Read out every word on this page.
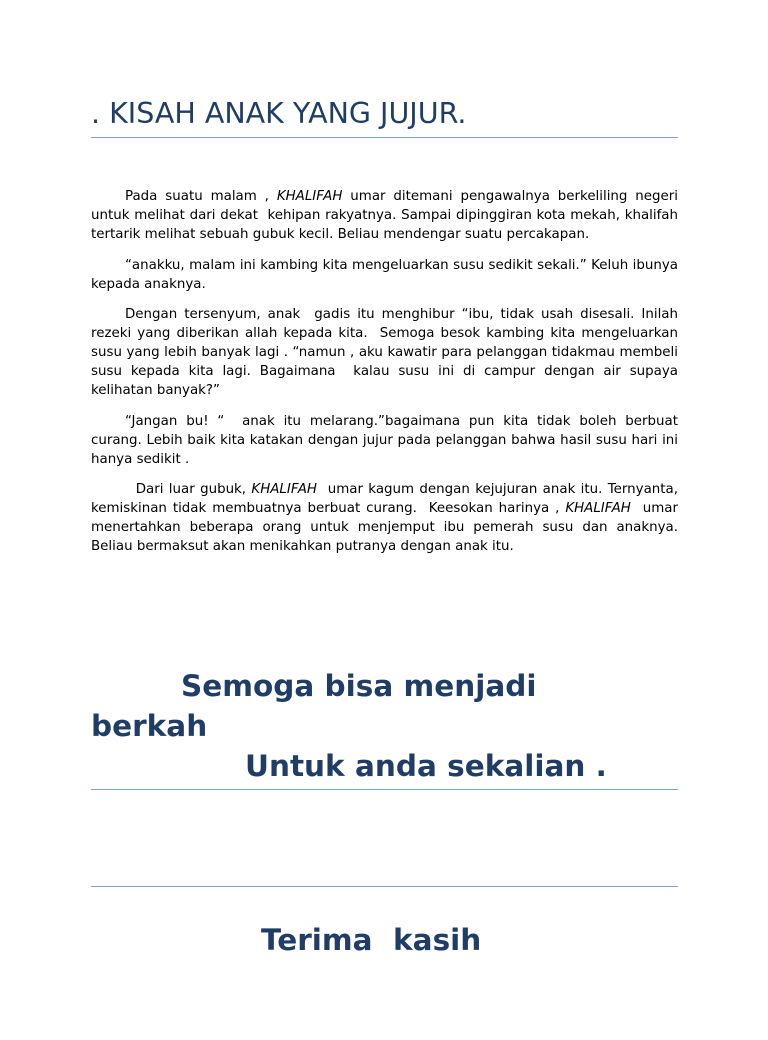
. KISAH ANAK YANG JUJUR.

Pada suatu malam , KHALIFAH umar ditemani pengawalnya berkeliling negeri untuk melihat dari dekat  kehipan rakyatnya. Sampai dipinggiran kota mekah, khalifah tertarik melihat sebuah gubuk kecil. Beliau mendengar suatu percakapan.

“anakku, malam ini kambing kita mengeluarkan susu sedikit sekali.” Keluh ibunya kepada anaknya.

Dengan tersenyum, anak  gadis itu menghibur “ibu, tidak usah disesali. Inilah rezeki yang diberikan allah kepada kita.  Semoga besok kambing kita mengeluarkan susu yang lebih banyak lagi . “namun , aku kawatir para pelanggan tidakmau membeli susu kepada kita lagi. Bagaimana  kalau susu ini di campur dengan air supaya kelihatan banyak?”

“Jangan bu! “  anak itu melarang.”bagaimana pun kita tidak boleh berbuat curang. Lebih baik kita katakan dengan jujur pada pelanggan bahwa hasil susu hari ini hanya sedikit .

Dari luar gubuk, KHALIFAH  umar kagum dengan kejujuran anak itu. Ternyanta, kemiskinan tidak membuatnya berbuat curang.  Keesokan harinya , KHALIFAH  umar menertahkan beberapa orang untuk menjemput ibu pemerah susu dan anaknya.  Beliau bermaksut akan menikahkan putranya dengan anak itu.

Semoga bisa menjadi
berkah
Untuk anda sekalian .

Terima  kasih
